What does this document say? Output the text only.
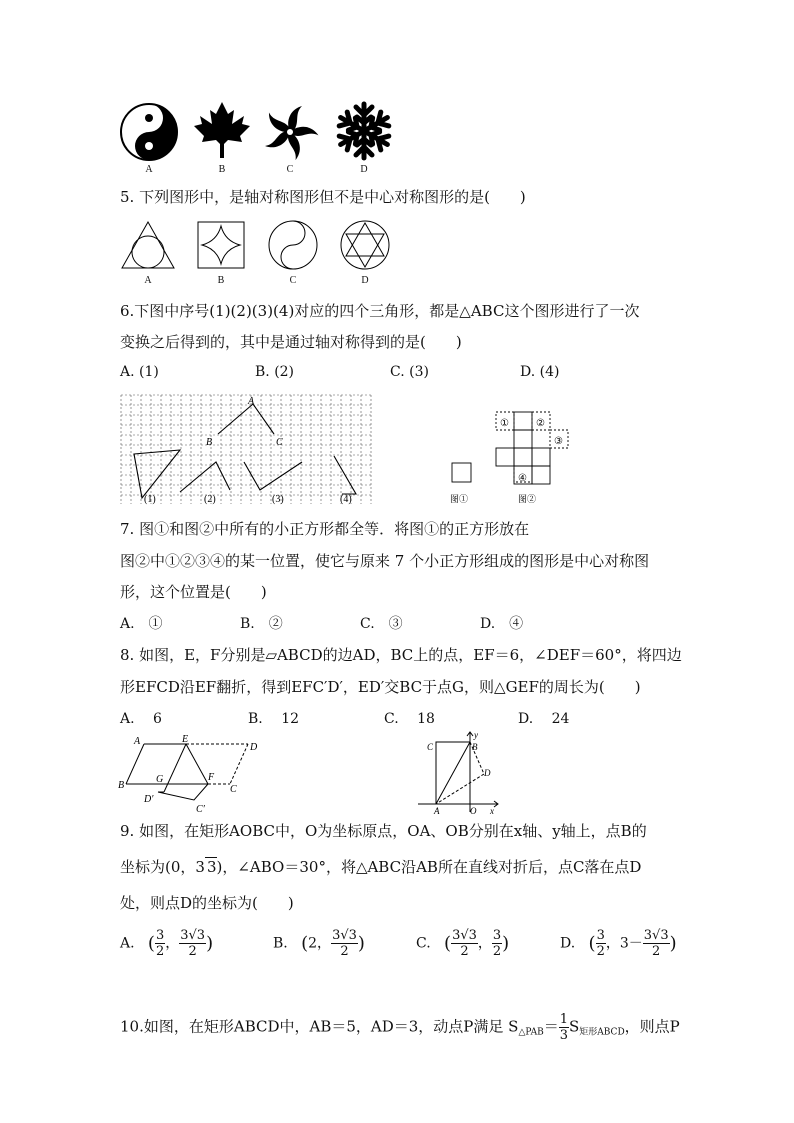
A	B	C	D
5. 下列图形中，是轴对称图形但不是中心对称图形的是(　　)
A	B	C	D
6.下图中序号(1)(2)(3)(4)对应的四个三角形，都是△ABC这个图形进行了一次
变换之后得到的，其中是通过轴对称得到的是(　　)
A. (1)	B. (2)	C. (3)	D. (4)
A
B	C
(1)	(2)	(3)	(4)
①	②
③
④
图①	图②
7. 图①和图②中所有的小正方形都全等．将图①的正方形放在
图②中①②③④的某一位置，使它与原来 7 个小正方形组成的图形是中心对称图
形，这个位置是(　　)
A.　①	B.　②	C.　③	D.　④
8. 如图，E，F分别是▱ABCD的边AD，BC上的点，EF＝6，∠DEF＝60°，将四边
形EFCD沿EF翻折，得到EFC′D′，ED′交BC于点G，则△GEF的周长为(　　)
A.　 6	B.　 12	C.　 18	D.　 24
A	E
D
B
G	F
C
D′
C′
C	B
y
D
A	O x
9. 如图，在矩形AOBC中，O为坐标原点，OA、OB分别在x轴、y轴上，点B的
坐标为(0，3 3)，∠ABO＝30°，将△ABC沿AB所在直线对折后，点C落在点D
处，则点D的坐标为(　　)
A. ( $\frac{3}{2}$ ， $\frac{3√3}{2}$ )	B. (2， $\frac{3√3}{2}$ )	C. ( $\frac{3√3}{2}$ ， $\frac{3}{2}$ )	D. ( $\frac{3}{2}$ ，$3- \frac{3√3}{2}$ )
10.如图，在矩形ABCD中，AB＝5，AD＝3，动点P满足 $S_{\triangle PAB}= \frac{1}{3} S_{矩形ABCD}$，则点P
